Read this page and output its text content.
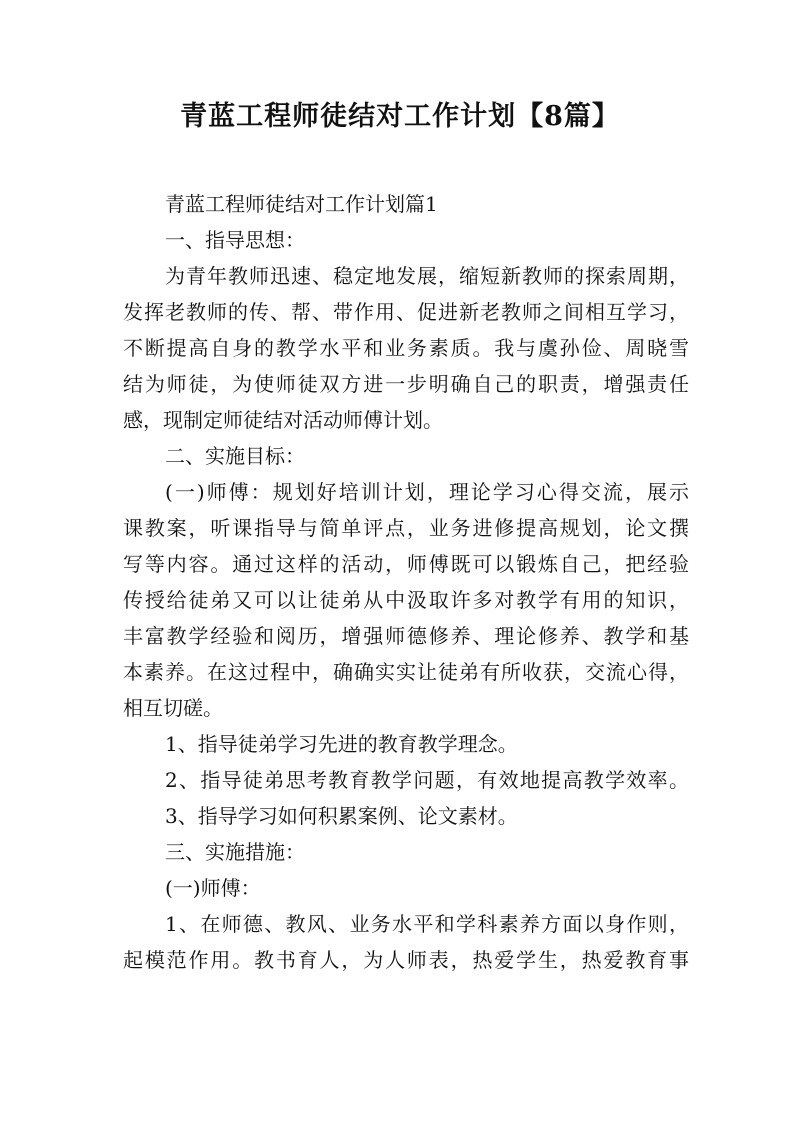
青蓝工程师徒结对工作计划【8篇】
青蓝工程师徒结对工作计划篇1
一、指导思想：
为青年教师迅速、稳定地发展，缩短新教师的探索周期，
发挥老教师的传、帮、带作用、促进新老教师之间相互学习，
不断提高自身的教学水平和业务素质。我与虞孙俭、周晓雪
结为师徒，为使师徒双方进一步明确自己的职责，增强责任
感，现制定师徒结对活动师傅计划。
二、实施目标：
(一)师傅：规划好培训计划，理论学习心得交流，展示
课教案，听课指导与简单评点，业务进修提高规划，论文撰
写等内容。通过这样的活动，师傅既可以锻炼自己，把经验
传授给徒弟又可以让徒弟从中汲取许多对教学有用的知识，
丰富教学经验和阅历，增强师德修养、理论修养、教学和基
本素养。在这过程中，确确实实让徒弟有所收获，交流心得，
相互切磋。
1、指导徒弟学习先进的教育教学理念。
2、指导徒弟思考教育教学问题，有效地提高教学效率。
3、指导学习如何积累案例、论文素材。
三、实施措施：
(一)师傅：
1、在师德、教风、业务水平和学科素养方面以身作则，
起模范作用。教书育人，为人师表，热爱学生，热爱教育事
